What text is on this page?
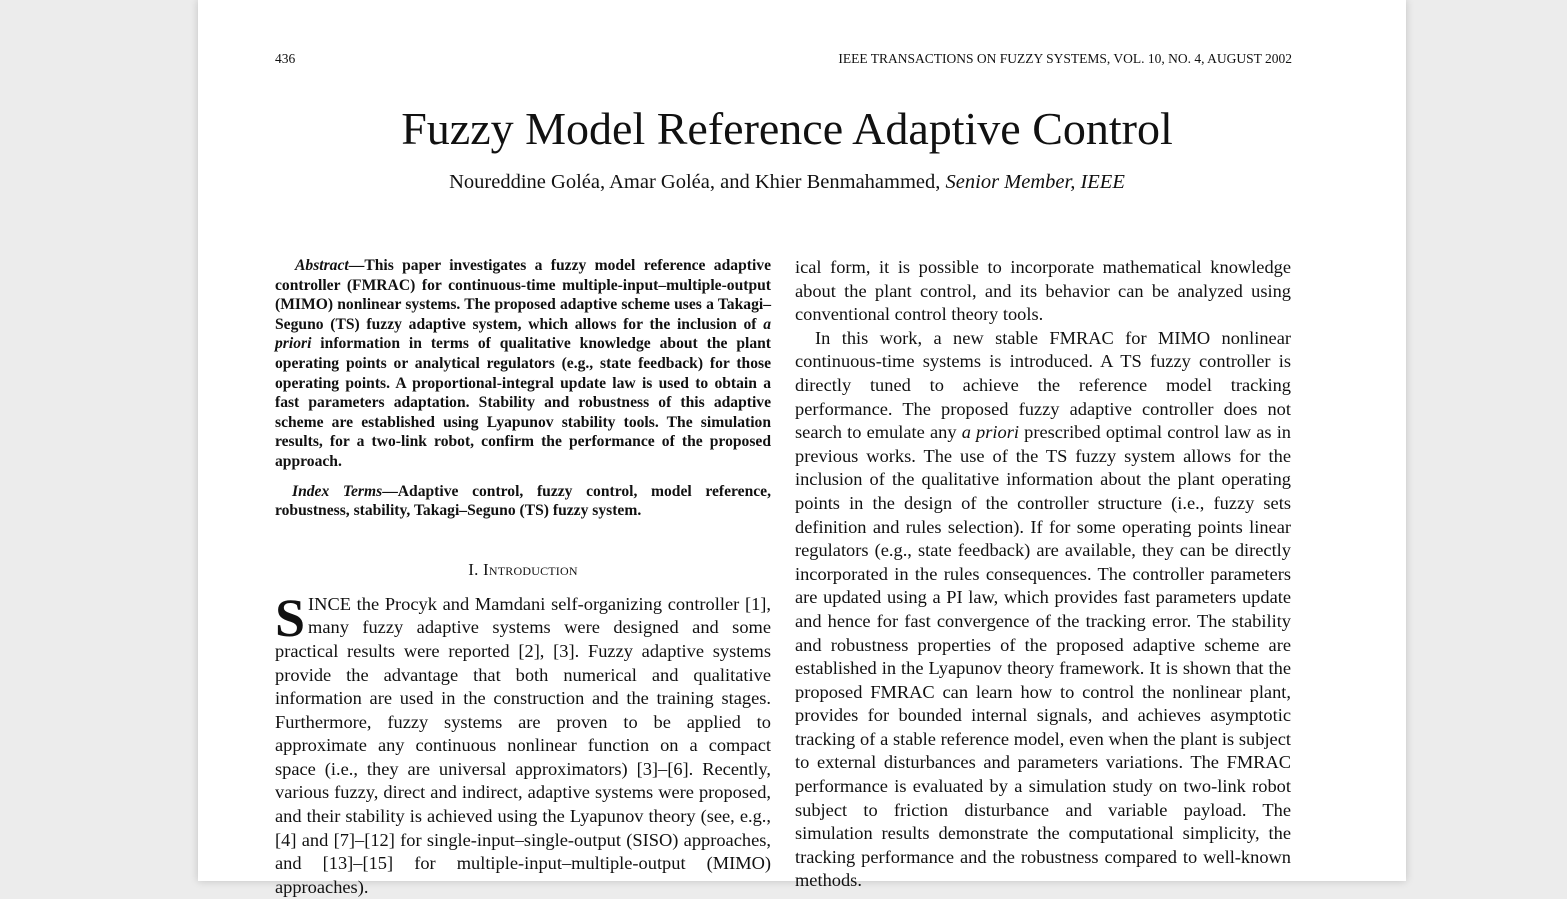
436	IEEE TRANSACTIONS ON FUZZY SYSTEMS, VOL. 10, NO. 4, AUGUST 2002
Fuzzy Model Reference Adaptive Control
Noureddine Goléa, Amar Goléa, and Khier Benmahammed, Senior Member, IEEE

Abstract—This paper investigates a fuzzy model reference adaptive controller (FMRAC) for continuous-time multiple-input–multiple-output (MIMO) nonlinear systems. The proposed adaptive scheme uses a Takagi–Seguno (TS) fuzzy adaptive system, which allows for the inclusion of a priori information in terms of qualitative knowledge about the plant operating points or analytical regulators (e.g., state feedback) for those operating points. A proportional-integral update law is used to obtain a fast parameters adaptation. Stability and robustness of this adaptive scheme are established using Lyapunov stability tools. The simulation results, for a two-link robot, confirm the performance of the proposed approach.

Index Terms—Adaptive control, fuzzy control, model reference, robustness, stability, Takagi–Seguno (TS) fuzzy system.

I. Introduction
SINCE the Procyk and Mamdani self-organizing controller [1], many fuzzy adaptive systems were designed and some practical results were reported [2], [3]. Fuzzy adaptive systems provide the advantage that both numerical and qualitative information are used in the construction and the training stages. Furthermore, fuzzy systems are proven to be applied to approximate any continuous nonlinear function on a compact space (i.e., they are universal approximators) [3]–[6]. Recently, various fuzzy, direct and indirect, adaptive systems were proposed, and their stability is achieved using the Lyapunov theory (see, e.g., [4] and [7]–[12] for single-input–single-output (SISO) approaches, and [13]–[15] for multiple-input–multiple-output (MIMO) approaches).

ical form, it is possible to incorporate mathematical knowledge about the plant control, and its behavior can be analyzed using conventional control theory tools.

In this work, a new stable FMRAC for MIMO nonlinear continuous-time systems is introduced. A TS fuzzy controller is directly tuned to achieve the reference model tracking performance. The proposed fuzzy adaptive controller does not search to emulate any a priori prescribed optimal control law as in previous works. The use of the TS fuzzy system allows for the inclusion of the qualitative information about the plant operating points in the design of the controller structure (i.e., fuzzy sets definition and rules selection). If for some operating points linear regulators (e.g., state feedback) are available, they can be directly incorporated in the rules consequences. The controller parameters are updated using a PI law, which provides fast parameters update and hence for fast convergence of the tracking error. The stability and robustness properties of the proposed adaptive scheme are established in the Lyapunov theory framework. It is shown that the proposed FMRAC can learn how to control the nonlinear plant, provides for bounded internal signals, and achieves asymptotic tracking of a stable reference model, even when the plant is subject to external disturbances and parameters variations. The FMRAC performance is evaluated by a simulation study on two-link robot subject to friction disturbance and variable payload. The simulation results demonstrate the computational simplicity, the tracking performance and the robustness compared to well-known methods.
